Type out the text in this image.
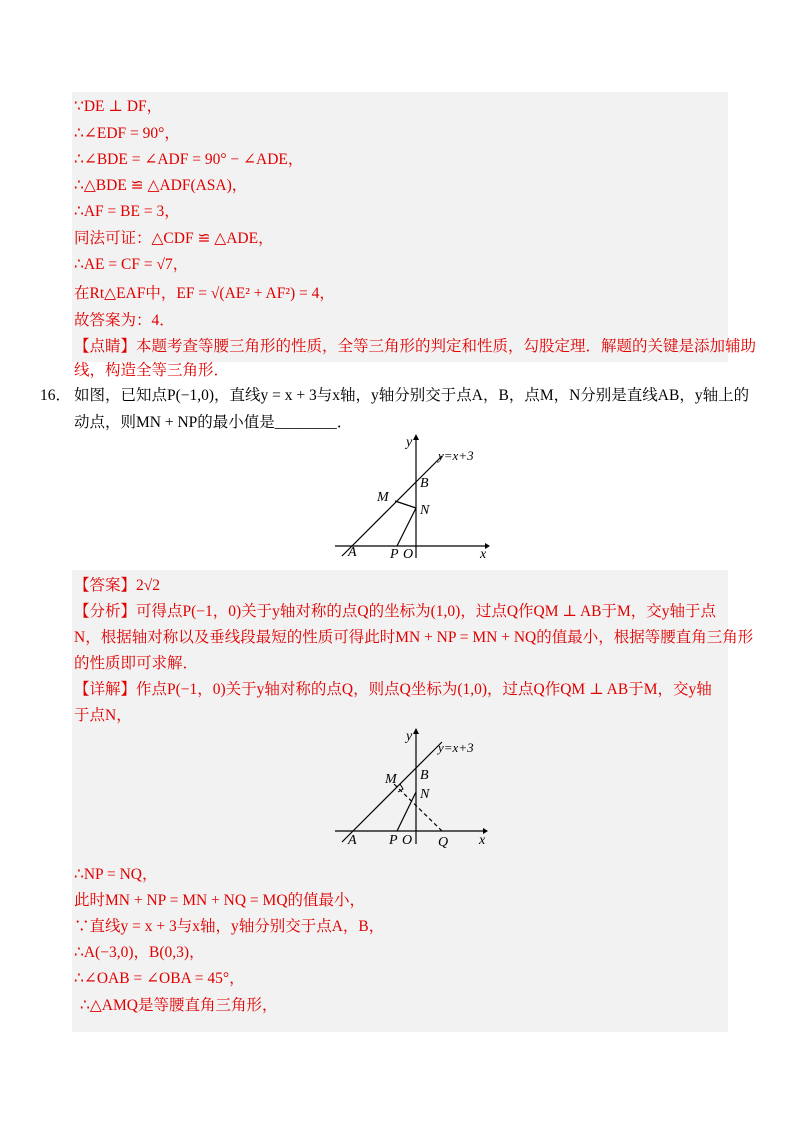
∵DE ⊥ DF，
∴∠EDF = 90°，
∴∠BDE = ∠ADF = 90° − ∠ADE，
∴△BDE ≌ △ADF(ASA)，
∴AF = BE = 3，
同法可证：△CDF ≌ △ADE，
∴AE = CF = √7，
在Rt△EAF中，EF = √(AE² + AF²) = 4，
故答案为：4．
【点睛】本题考查等腰三角形的性质，全等三角形的判定和性质，勾股定理．解题的关键是添加辅助
线，构造全等三角形．
16． 如图，已知点P(−1,0)，直线y = x + 3与x轴，y轴分别交于点A，B，点M，N分别是直线AB，y轴上的
动点，则MN + NP的最小值是________．
y
x
y=x+3
A
B
M
N
P O
【答案】2√2
【分析】可得点P(−1，0)关于y轴对称的点Q的坐标为(1,0)，过点Q作QM ⊥ AB于M，交y轴于点
N，根据轴对称以及垂线段最短的性质可得此时MN + NP = MN + NQ的值最小，根据等腰直角三角形
的性质即可求解．
【详解】作点P(−1，0)关于y轴对称的点Q，则点Q坐标为(1,0)，过点Q作QM ⊥ AB于M，交y轴
于点N，
y
x
y=x+3
A
B
M
N
P O Q
∴NP = NQ，
此时MN + NP = MN + NQ = MQ的值最小，
∵直线y = x + 3与x轴，y轴分别交于点A，B，
∴A(−3,0)，B(0,3)，
∴∠OAB = ∠OBA = 45°，
∴△AMQ是等腰直角三角形，
